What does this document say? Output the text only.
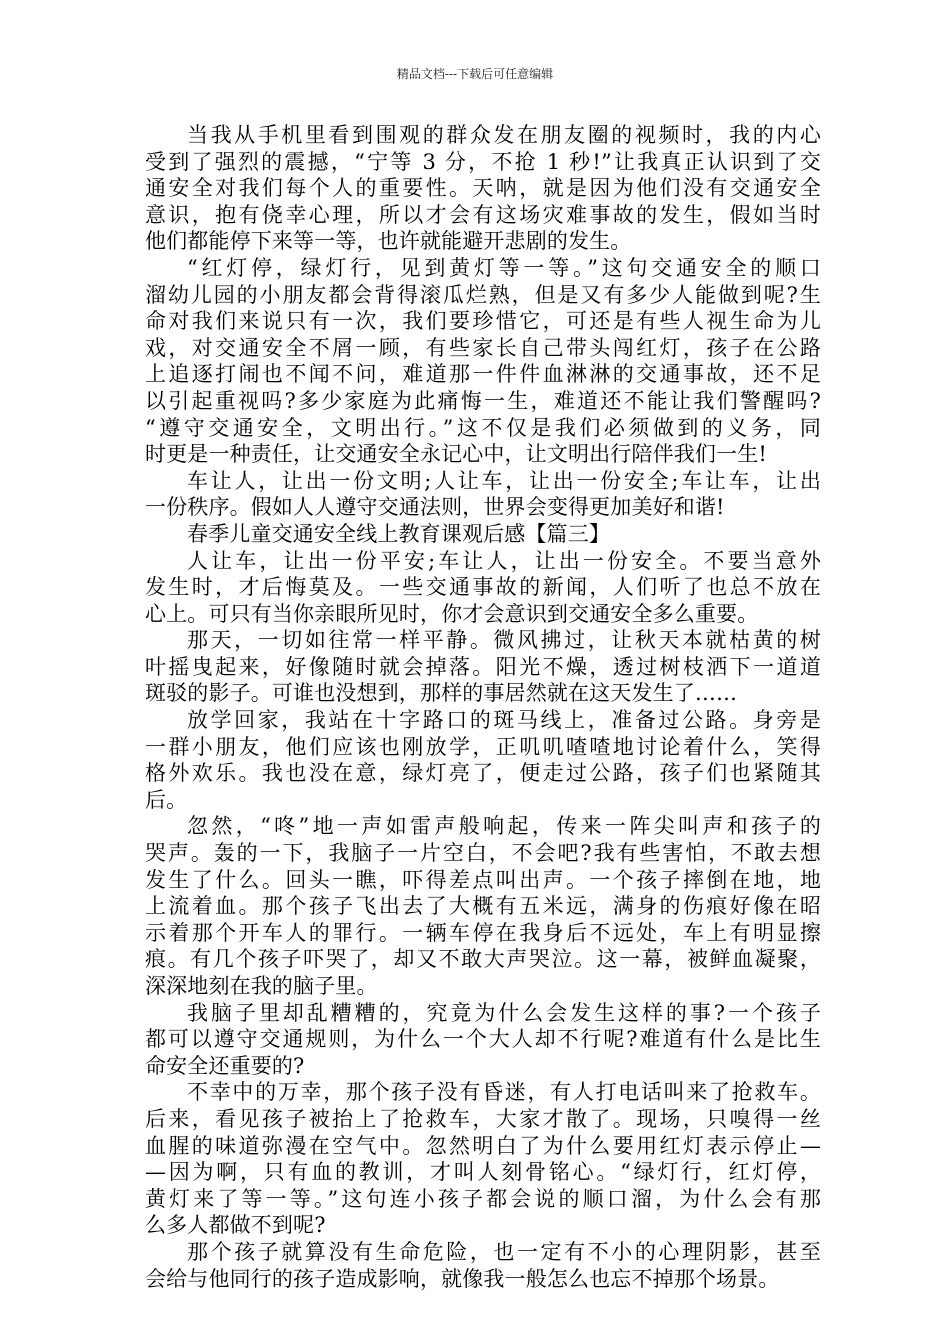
精品文档---下载后可任意编辑
当我从手机里看到围观的群众发在朋友圈的视频时，我的内心
受到了强烈的震撼，“宁等 3 分，不抢 1 秒!”让我真正认识到了交
通安全对我们每个人的重要性。天呐，就是因为他们没有交通安全
意识，抱有侥幸心理，所以才会有这场灾难事故的发生，假如当时
他们都能停下来等一等，也许就能避开悲剧的发生。
“红灯停，绿灯行，见到黄灯等一等。”这句交通安全的顺口
溜幼儿园的小朋友都会背得滚瓜烂熟，但是又有多少人能做到呢?生
命对我们来说只有一次，我们要珍惜它，可还是有些人视生命为儿
戏，对交通安全不屑一顾，有些家长自己带头闯红灯，孩子在公路
上追逐打闹也不闻不问，难道那一件件血淋淋的交通事故，还不足
以引起重视吗?多少家庭为此痛悔一生，难道还不能让我们警醒吗?
“遵守交通安全，文明出行。”这不仅是我们必须做到的义务，同
时更是一种责任，让交通安全永记心中，让文明出行陪伴我们一生!
车让人，让出一份文明;人让车，让出一份安全;车让车，让出
一份秩序。假如人人遵守交通法则，世界会变得更加美好和谐!
春季儿童交通安全线上教育课观后感【篇三】
人让车，让出一份平安;车让人，让出一份安全。不要当意外
发生时，才后悔莫及。一些交通事故的新闻，人们听了也总不放在
心上。可只有当你亲眼所见时，你才会意识到交通安全多么重要。
那天，一切如往常一样平静。微风拂过，让秋天本就枯黄的树
叶摇曳起来，好像随时就会掉落。阳光不燥，透过树枝洒下一道道
斑驳的影子。可谁也没想到，那样的事居然就在这天发生了……
放学回家，我站在十字路口的斑马线上，准备过公路。身旁是
一群小朋友，他们应该也刚放学，正叽叽喳喳地讨论着什么，笑得
格外欢乐。我也没在意，绿灯亮了，便走过公路，孩子们也紧随其
后。
忽然，“咚”地一声如雷声般响起，传来一阵尖叫声和孩子的
哭声。轰的一下，我脑子一片空白，不会吧?我有些害怕，不敢去想
发生了什么。回头一瞧，吓得差点叫出声。一个孩子摔倒在地，地
上流着血。那个孩子飞出去了大概有五米远，满身的伤痕好像在昭
示着那个开车人的罪行。一辆车停在我身后不远处，车上有明显擦
痕。有几个孩子吓哭了，却又不敢大声哭泣。这一幕，被鲜血凝聚，
深深地刻在我的脑子里。
我脑子里却乱糟糟的，究竟为什么会发生这样的事?一个孩子
都可以遵守交通规则，为什么一个大人却不行呢?难道有什么是比生
命安全还重要的?
不幸中的万幸，那个孩子没有昏迷，有人打电话叫来了抢救车。
后来，看见孩子被抬上了抢救车，大家才散了。现场，只嗅得一丝
血腥的味道弥漫在空气中。忽然明白了为什么要用红灯表示停止—
—因为啊，只有血的教训，才叫人刻骨铭心。“绿灯行，红灯停，
黄灯来了等一等。”这句连小孩子都会说的顺口溜，为什么会有那
么多人都做不到呢?
那个孩子就算没有生命危险，也一定有不小的心理阴影，甚至
会给与他同行的孩子造成影响，就像我一般怎么也忘不掉那个场景。
